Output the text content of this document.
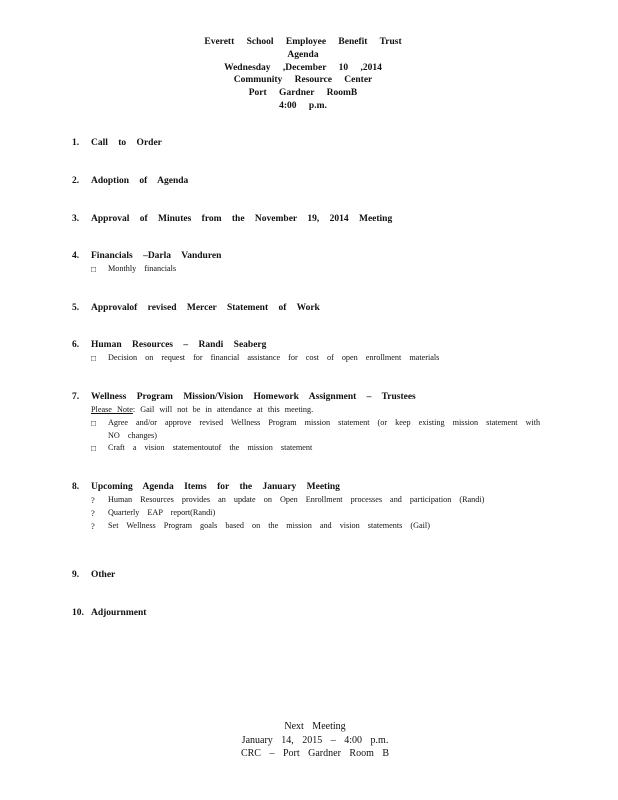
Everett School Employee Benefit Trust
Agenda
Wednesday ,December 10 ,2014
Community Resource Center
Port Gardner RoomB
4:00 p.m.
1. Call to Order
2. Adoption of Agenda
3. Approval of Minutes from the November 19, 2014 Meeting
4. Financials –Darla Vanduren
□	Monthly financials
5. Approvalof revised Mercer Statement of Work
6. Human Resources – Randi Seaberg
□	Decision on request for financial assistance for cost of open enrollment materials
7. Wellness Program Mission/Vision Homework Assignment – Trustees
Please Note: Gail will not be in attendance at this meeting.
□	Agree and/or approve revised Wellness Program mission statement (or keep existing mission statement with NO changes)
□	Craft a vision statementoutof the mission statement
8. Upcoming Agenda Items for the January Meeting
?	Human Resources provides an update on Open Enrollment processes and participation (Randi)
?	Quarterly EAP report(Randi)
?	Set Wellness Program goals based on the mission and vision statements (Gail)
9. Other
10. Adjournment
Next Meeting
January 14, 2015 – 4:00 p.m.
CRC – Port Gardner Room B
